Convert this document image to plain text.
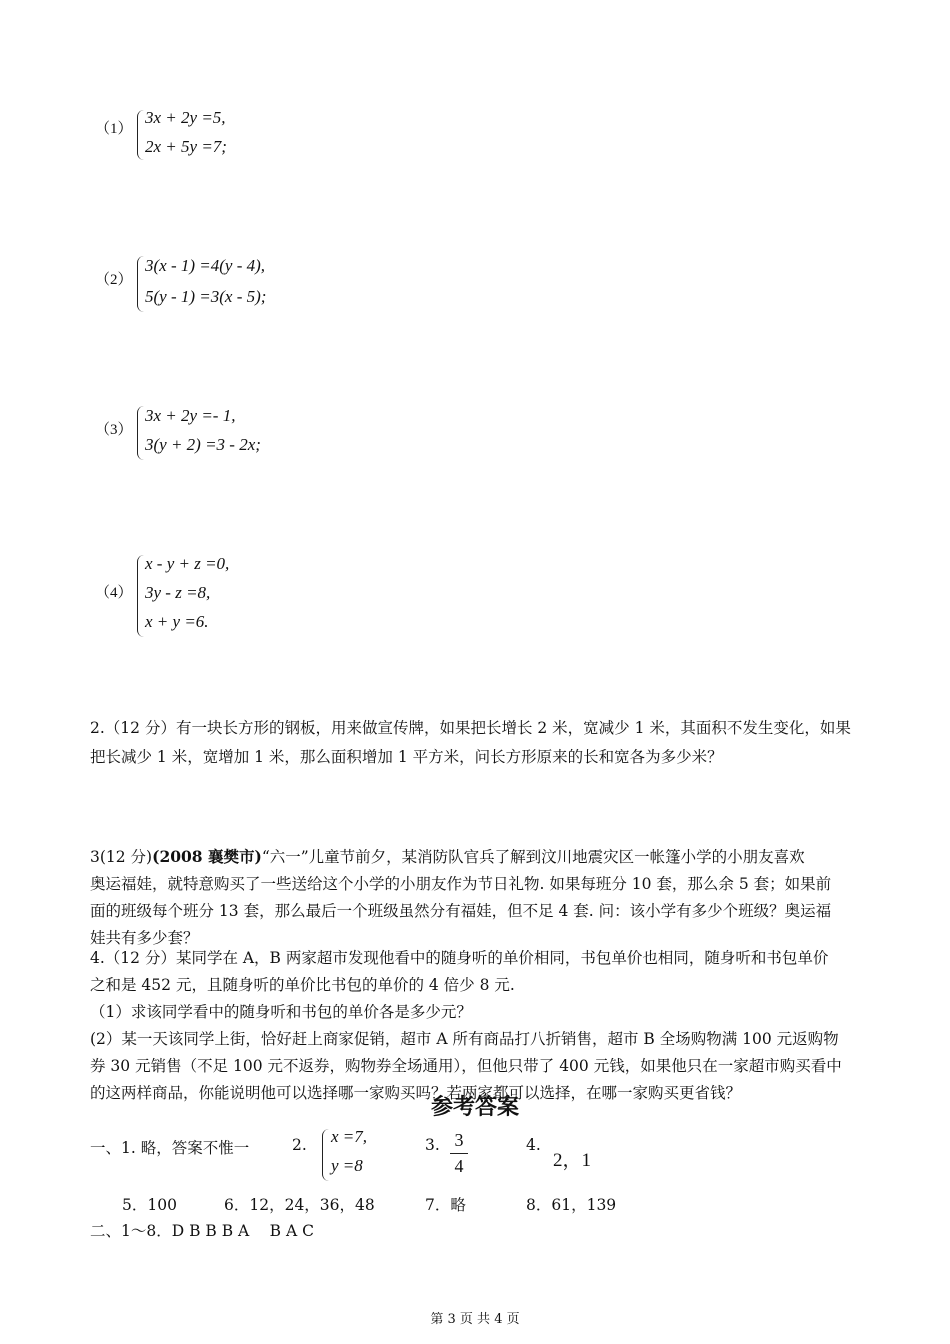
（1）
3x + 2y =5,
2x + 5y =7;
（2）
3(x - 1) =4(y - 4),
5(y - 1) =3(x - 5);
（3）
3x + 2y =- 1,
3(y + 2) =3 - 2x;
（4）
x - y + z =0,
3y - z =8,
x + y =6.
2.（12 分）有一块长方形的钢板，用来做宣传牌，如果把长增长 2 米，宽减少 1 米，其面积不发生变化，如果
把长减少 1 米，宽增加 1 米，那么面积增加 1 平方米，问长方形原来的长和宽各为多少米？
3(12 分)(2008 襄樊市)“六一”儿童节前夕，某消防队官兵了解到汶川地震灾区一帐篷小学的小朋友喜欢
奥运福娃，就特意购买了一些送给这个小学的小朋友作为节日礼物. 如果每班分 10 套，那么余 5 套；如果前
面的班级每个班分 13 套，那么最后一个班级虽然分有福娃，但不足 4 套. 问：该小学有多少个班级？奥运福
娃共有多少套？
4.（12 分）某同学在 A，B 两家超市发现他看中的随身听的单价相同，书包单价也相同，随身听和书包单价
之和是 452 元，且随身听的单价比书包的单价的 4 倍少 8 元.
（1）求该同学看中的随身听和书包的单价各是多少元？
(2）某一天该同学上街，恰好赶上商家促销，超市 A 所有商品打八折销售，超市 B 全场购物满 100 元返购物
券 30 元销售（不足 100 元不返券，购物券全场通用），但他只带了 400 元钱，如果他只在一家超市购买看中
的这两样商品，你能说明他可以选择哪一家购买吗？若两家都可以选择，在哪一家购买更省钱？
参考答案
一、1. 略，答案不惟一	2. x =7,
y =8
3. 3
4
4.
2，1
5．100	6．12，24，36，48	7．略	8．61，139
二、1～8．D B B B A　 B A C
第 3 页 共 4 页
